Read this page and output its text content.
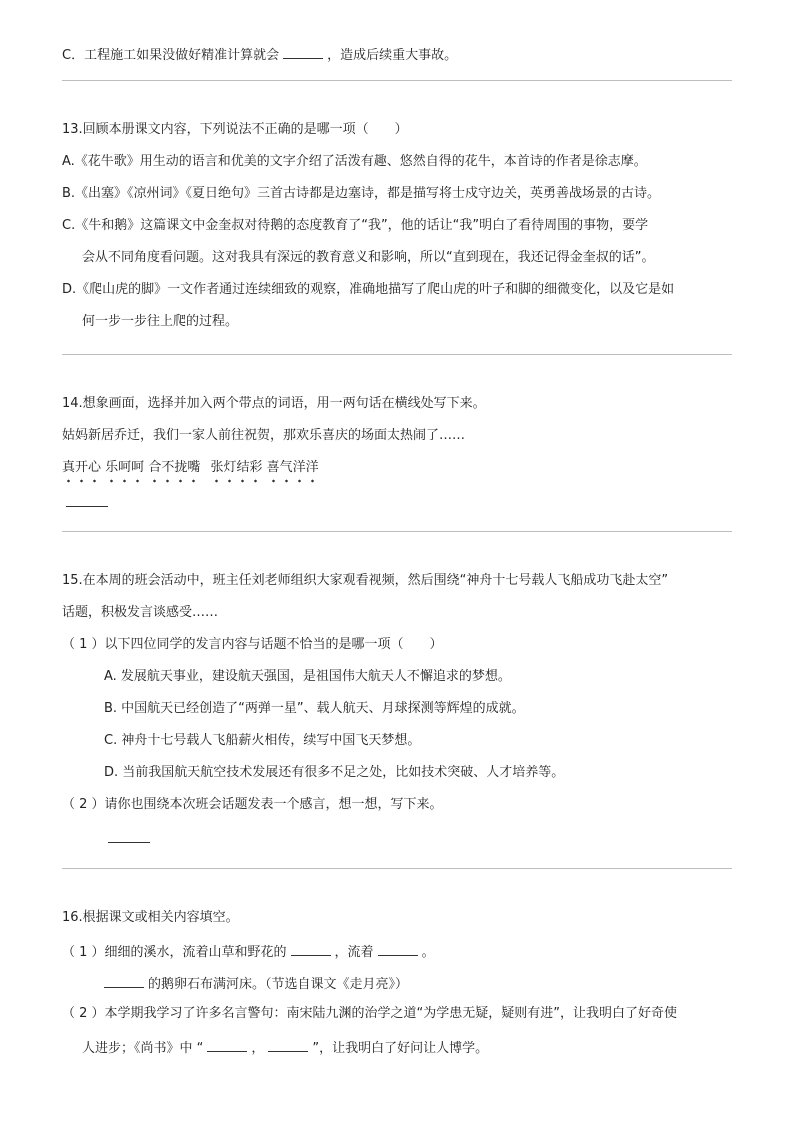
C．工程施工如果没做好精准计算就会	，造成后续重大事故。
13.回顾本册课文内容，下列说法不正确的是哪一项（　　）
A.《花牛歌》用生动的语言和优美的文字介绍了活泼有趣、悠然自得的花牛，本首诗的作者是徐志摩。
B.《出塞》《凉州词》《夏日绝句》三首古诗都是边塞诗，都是描写将士戍守边关，英勇善战场景的古诗。
C.《牛和鹅》这篇课文中金奎叔对待鹅的态度教育了“我”，他的话让“我”明白了看待周围的事物，要学
会从不同角度看问题。这对我具有深远的教育意义和影响，所以“直到现在，我还记得金奎叔的话”。
D.《爬山虎的脚》一文作者通过连续细致的观察，准确地描写了爬山虎的叶子和脚的细微变化，以及它是如
何一步一步往上爬的过程。
14.想象画面，选择并加入两个带点的词语，用一两句话在横线处写下来。
姑妈新居乔迁，我们一家人前往祝贺，那欢乐喜庆的场面太热闹了……
真开心 乐呵呵 合不拢嘴 张灯结彩 喜气洋洋
15.在本周的班会活动中，班主任刘老师组织大家观看视频，然后围绕“神舟十七号载人飞船成功飞赴太空”
话题，积极发言谈感受……
（ 1 ）以下四位同学的发言内容与话题不恰当的是哪一项（　　）
A. 发展航天事业，建设航天强国，是祖国伟大航天人不懈追求的梦想。
B. 中国航天已经创造了“两弹一星”、载人航天、月球探测等辉煌的成就。
C. 神舟十七号载人飞船薪火相传，续写中国飞天梦想。
D. 当前我国航天航空技术发展还有很多不足之处，比如技术突破、人才培养等。
（ 2 ）请你也围绕本次班会话题发表一个感言，想一想，写下来。
16.根据课文或相关内容填空。
（ 1 ）细细的溪水，流着山草和野花的	，流着	。
的鹅卵石布满河床。（节选自课文《走月亮》）
（ 2 ）本学期我学习了许多名言警句：南宋陆九渊的治学之道“为学患无疑，疑则有进”，让我明白了好奇使
人进步；《尚书》中 “	，	”，让我明白了好问让人博学。
